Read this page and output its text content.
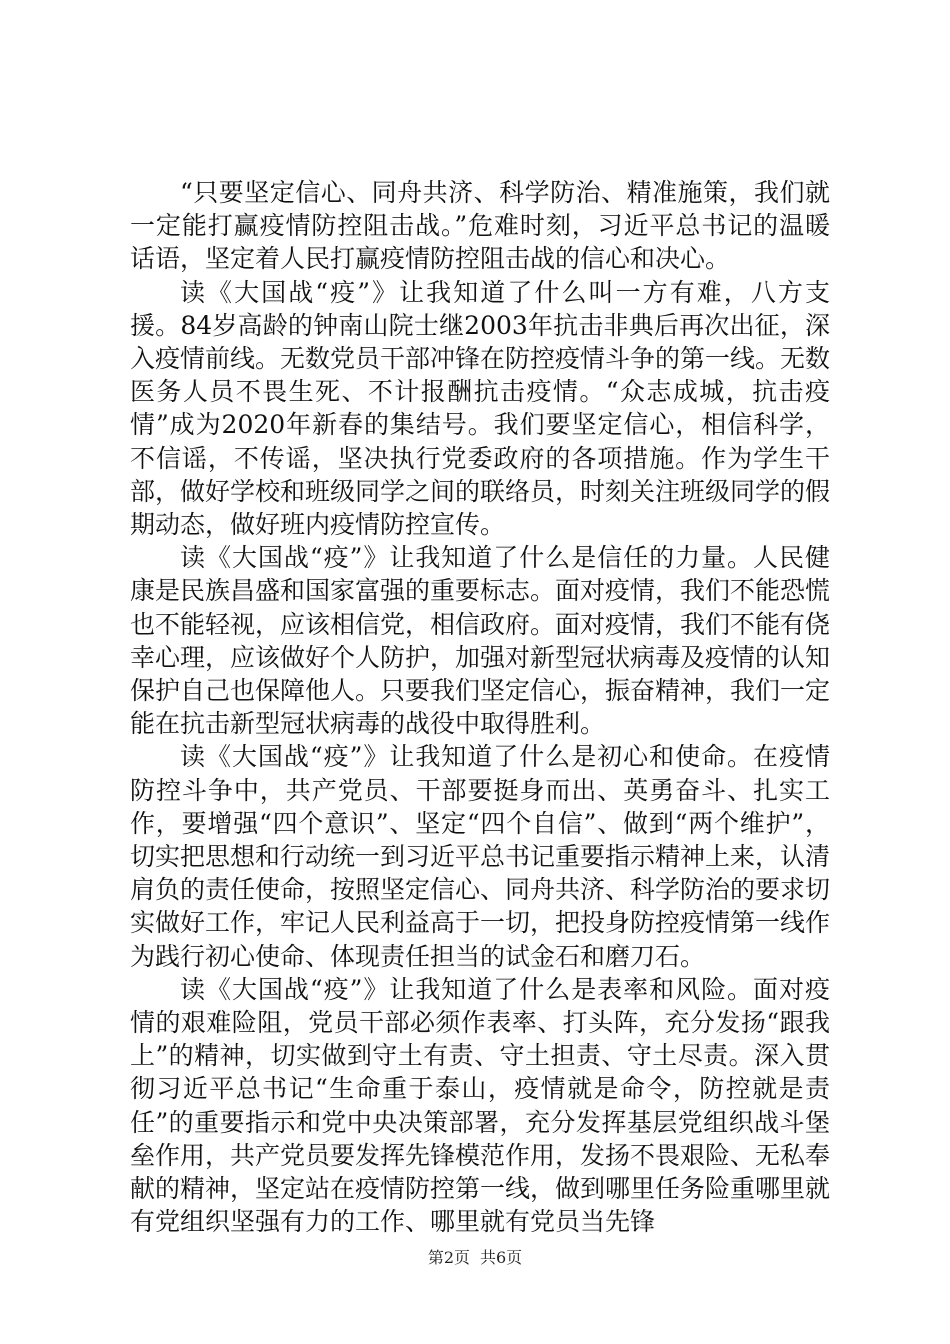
“只要坚定信心、同舟共济、科学防治、精准施策，我们就一定能打赢疫情防控阻击战。”危难时刻，习近平总书记的温暖话语，坚定着人民打赢疫情防控阻击战的信心和决心。

读《大国战“疫”》让我知道了什么叫一方有难，八方支援。84岁高龄的钟南山院士继2003年抗击非典后再次出征，深入疫情前线。无数党员干部冲锋在防控疫情斗争的第一线。无数医务人员不畏生死、不计报酬抗击疫情。“众志成城，抗击疫情”成为2020年新春的集结号。我们要坚定信心，相信科学，不信谣，不传谣，坚决执行党委政府的各项措施。作为学生干部，做好学校和班级同学之间的联络员，时刻关注班级同学的假期动态，做好班内疫情防控宣传。

读《大国战“疫”》让我知道了什么是信任的力量。人民健康是民族昌盛和国家富强的重要标志。面对疫情，我们不能恐慌也不能轻视，应该相信党，相信政府。面对疫情，我们不能有侥幸心理，应该做好个人防护，加强对新型冠状病毒及疫情的认知保护自己也保障他人。只要我们坚定信心，振奋精神，我们一定能在抗击新型冠状病毒的战役中取得胜利。

读《大国战“疫”》让我知道了什么是初心和使命。在疫情防控斗争中，共产党员、干部要挺身而出、英勇奋斗、扎实工作，要增强“四个意识”、坚定“四个自信”、做到“两个维护”，切实把思想和行动统一到习近平总书记重要指示精神上来，认清肩负的责任使命，按照坚定信心、同舟共济、科学防治的要求切实做好工作，牢记人民利益高于一切，把投身防控疫情第一线作为践行初心使命、体现责任担当的试金石和磨刀石。

读《大国战“疫”》让我知道了什么是表率和风险。面对疫情的艰难险阻，党员干部必须作表率、打头阵，充分发扬“跟我上”的精神，切实做到守土有责、守土担责、守土尽责。深入贯彻习近平总书记“生命重于泰山，疫情就是命令，防控就是责任”的重要指示和党中央决策部署，充分发挥基层党组织战斗堡垒作用，共产党员要发挥先锋模范作用，发扬不畏艰险、无私奉献的精神，坚定站在疫情防控第一线，做到哪里任务险重哪里就有党组织坚强有力的工作、哪里就有党员当先锋

第2页 共6页
